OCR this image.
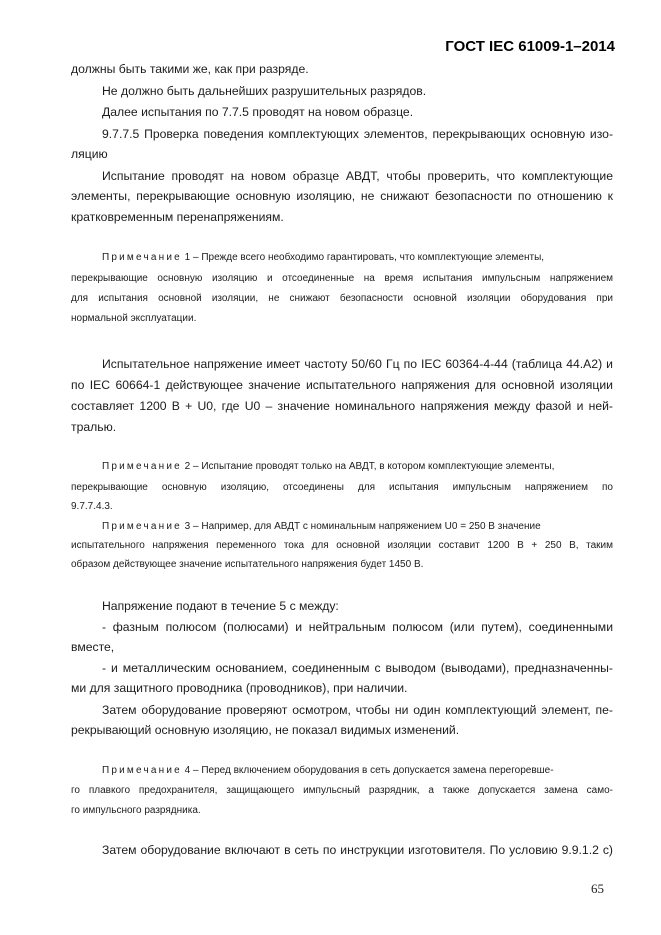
ГОСТ IEC 61009-1–2014
должны быть такими же, как при разряде.
Не должно быть дальнейших разрушительных разрядов.
Далее испытания по 7.7.5 проводят на новом образце.
9.7.7.5 Проверка поведения комплектующих элементов, перекрывающих основную изо-
ляцию
Испытание проводят на новом образце АВДТ, чтобы проверить, что комплектующие
элементы, перекрывающие основную изоляцию, не снижают безопасности по отношению к
кратковременным перенапряжениям.
Примечание 1 – Прежде всего необходимо гарантировать, что комплектующие элементы,
перекрывающие основную изоляцию и отсоединенные на время испытания импульсным напряжением
для испытания основной изоляции, не снижают безопасности основной изоляции оборудования при
нормальной эксплуатации.
Испытательное напряжение имеет частоту 50/60 Гц по IEC 60364-4-44 (таблица 44.A2) и
по IEC 60664-1 действующее значение испытательного напряжения для основной изоляции
составляет 1200 В + U0, где U0 – значение номинального напряжения между фазой и ней-
тралью.
Примечание 2 – Испытание проводят только на АВДТ, в котором комплектующие элементы,
перекрывающие основную изоляцию, отсоединены для испытания импульсным напряжением по
9.7.7.4.3.
Примечание 3 – Например, для АВДТ с номинальным напряжением U0 = 250 В значение
испытательного напряжения переменного тока для основной изоляции составит 1200 В + 250 В, таким
образом действующее значение испытательного напряжения будет 1450 В.
Напряжение подают в течение 5 с между:
- фазным полюсом (полюсами) и нейтральным полюсом (или путем), соединенными
вместе,
- и металлическим основанием, соединенным с выводом (выводами), предназначенны-
ми для защитного проводника (проводников), при наличии.
Затем оборудование проверяют осмотром, чтобы ни один комплектующий элемент, пе-
рекрывающий основную изоляцию, не показал видимых изменений.
Примечание 4 – Перед включением оборудования в сеть допускается замена перегоревше-
го плавкого предохранителя, защищающего импульсный разрядник, а также допускается замена само-
го импульсного разрядника.
Затем оборудование включают в сеть по инструкции изготовителя. По условию 9.9.1.2 c)
65
